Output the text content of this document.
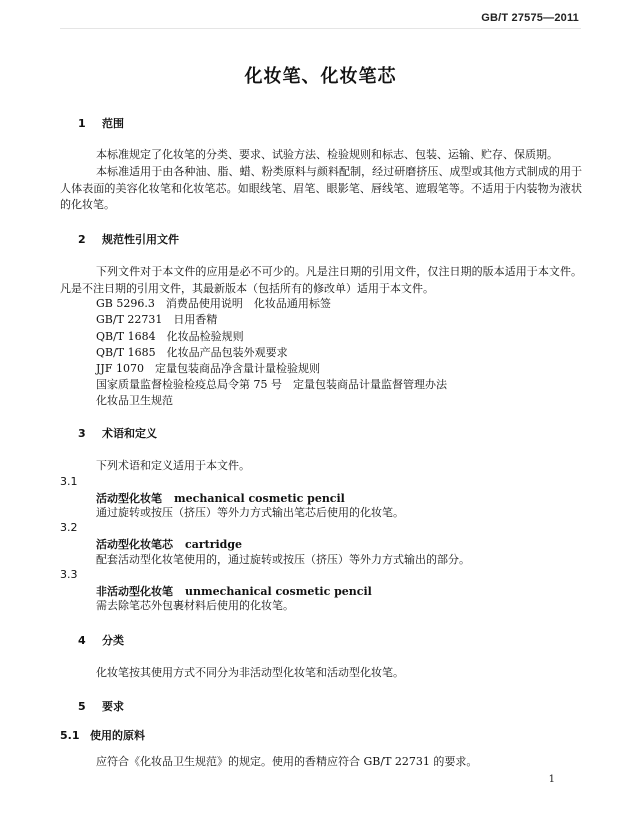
GB/T 27575—2011
化妆笔、化妆笔芯
1 范围
本标准规定了化妆笔的分类、要求、试验方法、检验规则和标志、包装、运输、贮存、保质期。
本标准适用于由各种油、脂、蜡、粉类原料与颜料配制，经过研磨挤压、成型或其他方式制成的用于人体表面的美容化妆笔和化妆笔芯。如眼线笔、眉笔、眼影笔、唇线笔、遮瑕笔等。不适用于内装物为液状的化妆笔。
2 规范性引用文件
下列文件对于本文件的应用是必不可少的。凡是注日期的引用文件，仅注日期的版本适用于本文件。凡是不注日期的引用文件，其最新版本（包括所有的修改单）适用于本文件。
GB 5296.3　消费品使用说明　化妆品通用标签
GB/T 22731　日用香精
QB/T 1684　化妆品检验规则
QB/T 1685　化妆品产品包装外观要求
JJF 1070　定量包装商品净含量计量检验规则
国家质量监督检验检疫总局令第 75 号　定量包装商品计量监督管理办法
化妆品卫生规范
3 术语和定义
下列术语和定义适用于本文件。
3.1
活动型化妆笔 mechanical cosmetic pencil
通过旋转或按压（挤压）等外力方式输出笔芯后使用的化妆笔。
3.2
活动型化妆笔芯 cartridge
配套活动型化妆笔使用的，通过旋转或按压（挤压）等外力方式输出的部分。
3.3
非活动型化妆笔 unmechanical cosmetic pencil
需去除笔芯外包裹材料后使用的化妆笔。
4 分类
化妆笔按其使用方式不同分为非活动型化妆笔和活动型化妆笔。
5 要求
5.1 使用的原料
应符合《化妆品卫生规范》的规定。使用的香精应符合 GB/T 22731 的要求。
1
